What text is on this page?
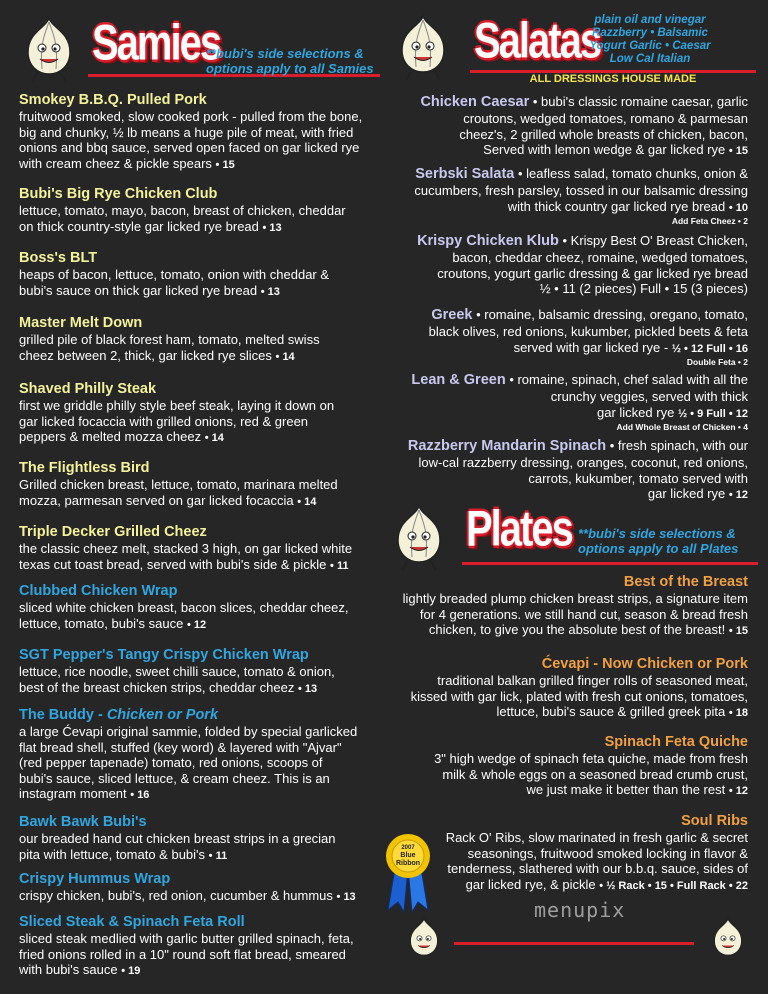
Samies
**bubi's side selections &
options apply to all Samies
Smokey B.B.Q. Pulled Pork
fruitwood smoked, slow cooked pork - pulled from the bone,
big and chunky, ½ lb means a huge pile of meat, with fried
onions and bbq sauce, served open faced on gar licked rye
with cream cheez & pickle spears • 15
Bubi's Big Rye Chicken Club
lettuce, tomato, mayo, bacon, breast of chicken, cheddar
on thick country-style gar licked rye bread • 13
Boss's BLT
heaps of bacon, lettuce, tomato, onion with cheddar &
bubi's sauce on thick gar licked rye bread • 13
Master Melt Down
grilled pile of black forest ham, tomato, melted swiss
cheez between 2, thick, gar licked rye slices • 14
Shaved Philly Steak
first we griddle philly style beef steak, laying it down on
gar licked focaccia with grilled onions, red & green
peppers & melted mozza cheez • 14
The Flightless Bird
Grilled chicken breast, lettuce, tomato, marinara melted
mozza, parmesan served on gar licked focaccia • 14
Triple Decker Grilled Cheez
the classic cheez melt, stacked 3 high, on gar licked white
texas cut toast bread, served with bubi's side & pickle • 11
Clubbed Chicken Wrap
sliced white chicken breast, bacon slices, cheddar cheez,
lettuce, tomato, bubi's sauce • 12
SGT Pepper's Tangy Crispy Chicken Wrap
lettuce, rice noodle, sweet chilli sauce, tomato & onion,
best of the breast chicken strips, cheddar cheez • 13
The Buddy - Chicken or Pork
a large Ćevapi original sammie, folded by special garlicked
flat bread shell, stuffed (key word) & layered with "Ajvar"
(red pepper tapenade) tomato, red onions, scoops of
bubi's sauce, sliced lettuce, & cream cheez. This is an
instagram moment • 16
Bawk Bawk Bubi's
our breaded hand cut chicken breast strips in a grecian
pita with lettuce, tomato & bubi's • 11
Crispy Hummus Wrap
crispy chicken, bubi's, red onion, cucumber & hummus • 13
Sliced Steak & Spinach Feta Roll
sliced steak medlied with garlic butter grilled spinach, feta,
fried onions rolled in a 10" round soft flat bread, smeared
with bubi's sauce • 19
Salatas
plain oil and vinegar
Razzberry • Balsamic
Yogurt Garlic • Caesar
Low Cal Italian
ALL DRESSINGS HOUSE MADE
Chicken Caesar • bubi's classic romaine caesar, garlic
croutons, wedged tomatoes, romano & parmesan
cheez's, 2 grilled whole breasts of chicken, bacon,
Served with lemon wedge & gar licked rye • 15
Serbski Salata • leafless salad, tomato chunks, onion &
cucumbers, fresh parsley, tossed in our balsamic dressing
with thick country gar licked rye bread • 10
Add Feta Cheez • 2
Krispy Chicken Klub • Krispy Best O' Breast Chicken,
bacon, cheddar cheez, romaine, wedged tomatoes,
croutons, yogurt garlic dressing & gar licked rye bread
½ • 11 (2 pieces) Full • 15 (3 pieces)
Greek • romaine, balsamic dressing, oregano, tomato,
black olives, red onions, kukumber, pickled beets & feta
served with gar licked rye - ½ • 12 Full • 16
Double Feta • 2
Lean & Green • romaine, spinach, chef salad with all the
crunchy veggies, served with thick
gar licked rye ½ • 9 Full • 12
Add Whole Breast of Chicken • 4
Razzberry Mandarin Spinach • fresh spinach, with our
low-cal razzberry dressing, oranges, coconut, red onions,
carrots, kukumber, tomato served with
gar licked rye • 12
Plates **bubi's side selections &
options apply to all Plates
Best of the Breast
lightly breaded plump chicken breast strips, a signature item
for 4 generations. we still hand cut, season & bread fresh
chicken, to give you the absolute best of the breast! • 15
Ćevapi - Now Chicken or Pork
traditional balkan grilled finger rolls of seasoned meat,
kissed with gar lick, plated with fresh cut onions, tomatoes,
lettuce, bubi's sauce & grilled greek pita • 18
Spinach Feta Quiche
3" high wedge of spinach feta quiche, made from fresh
milk & whole eggs on a seasoned bread crumb crust,
we just make it better than the rest • 12
Soul Ribs
Rack O' Ribs, slow marinated in fresh garlic & secret
seasonings, fruitwood smoked locking in flavor &
tenderness, slathered with our b.b.q. sauce, sides of
gar licked rye, & pickle • ½ Rack • 15 • Full Rack • 22
2007
Blue
Ribbon
menupix
